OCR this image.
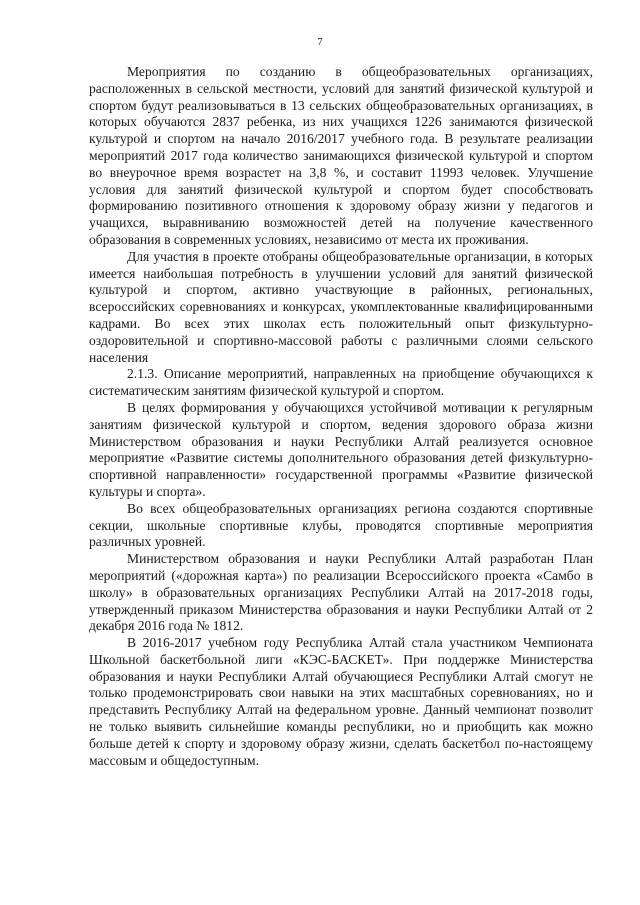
7

Мероприятия по созданию в общеобразовательных организациях, расположенных в сельской местности, условий для занятий физической культурой и спортом будут реализовываться в 13 сельских общеобразовательных организациях, в которых обучаются 2837 ребенка, из них учащихся 1226 занимаются физической культурой и спортом на начало 2016/2017 учебного года. В результате реализации мероприятий 2017 года количество занимающихся физической культурой и спортом во внеурочное время возрастет на 3,8 %, и составит 11993 человек. Улучшение условия для занятий физической культурой и спортом будет способствовать формированию позитивного отношения к здоровому образу жизни у педагогов и учащихся, выравниванию возможностей детей на получение качественного образования в современных условиях, независимо от места их проживания.

Для участия в проекте отобраны общеобразовательные организации, в которых имеется наибольшая потребность в улучшении условий для занятий физической культурой и спортом, активно участвующие в районных, региональных, всероссийских соревнованиях и конкурсах, укомплектованные квалифицированными кадрами. Во всех этих школах есть положительный опыт физкультурно-оздоровительной и спортивно-массовой работы с различными слоями сельского населения

2.1.3. Описание мероприятий, направленных на приобщение обучающихся к систематическим занятиям физической культурой и спортом.

В целях формирования у обучающихся устойчивой мотивации к регулярным занятиям физической культурой и спортом, ведения здорового образа жизни Министерством образования и науки Республики Алтай реализуется основное мероприятие «Развитие системы дополнительного образования детей физкультурно-спортивной направленности» государственной программы «Развитие физической культуры и спорта».

Во всех общеобразовательных организациях региона создаются спортивные секции, школьные спортивные клубы, проводятся спортивные мероприятия различных уровней.

Министерством образования и науки Республики Алтай разработан План мероприятий («дорожная карта») по реализации Всероссийского проекта «Самбо в школу» в образовательных организациях Республики Алтай на 2017-2018 годы, утвержденный приказом Министерства образования и науки Республики Алтай от 2 декабря 2016 года № 1812.

В 2016-2017 учебном году Республика Алтай стала участником Чемпионата Школьной баскетбольной лиги «КЭС-БАСКЕТ». При поддержке Министерства образования и науки Республики Алтай обучающиеся Республики Алтай смогут не только продемонстрировать свои навыки на этих масштабных соревнованиях, но и представить Республику Алтай на федеральном уровне. Данный чемпионат позволит не только выявить сильнейшие команды республики, но и приобщить как можно больше детей к спорту и здоровому образу жизни, сделать баскетбол по-настоящему массовым и общедоступным.
